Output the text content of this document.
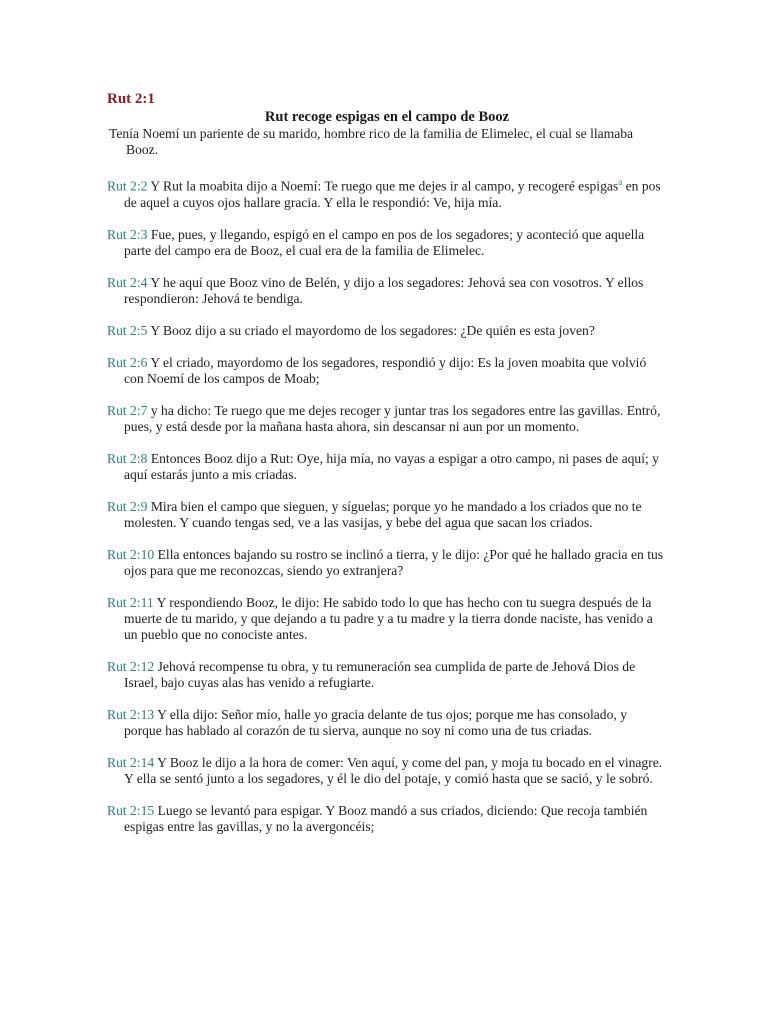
Rut 2:1

Rut recoge espigas en el campo de Booz

Tenía Noemí un pariente de su marido, hombre rico de la familia de Elimelec, el cual se llamaba Booz.

Rut 2:2 Y Rut la moabita dijo a Noemí: Te ruego que me dejes ir al campo, y recogeré espigas$^a$ en pos de aquel a cuyos ojos hallare gracia. Y ella le respondió: Ve, hija mía.

Rut 2:3 Fue, pues, y llegando, espigó en el campo en pos de los segadores; y aconteció que aquella parte del campo era de Booz, el cual era de la familia de Elimelec.

Rut 2:4 Y he aquí que Booz vino de Belén, y dijo a los segadores: Jehová sea con vosotros. Y ellos respondieron: Jehová te bendiga.

Rut 2:5 Y Booz dijo a su criado el mayordomo de los segadores: ¿De quién es esta joven?

Rut 2:6 Y el criado, mayordomo de los segadores, respondió y dijo: Es la joven moabita que volvió con Noemí de los campos de Moab;

Rut 2:7 y ha dicho: Te ruego que me dejes recoger y juntar tras los segadores entre las gavillas. Entró, pues, y está desde por la mañana hasta ahora, sin descansar ni aun por un momento.

Rut 2:8 Entonces Booz dijo a Rut: Oye, hija mía, no vayas a espigar a otro campo, ni pases de aquí; y aquí estarás junto a mis criadas.

Rut 2:9 Mira bien el campo que sieguen, y síguelas; porque yo he mandado a los criados que no te molesten. Y cuando tengas sed, ve a las vasijas, y bebe del agua que sacan los criados.

Rut 2:10 Ella entonces bajando su rostro se inclinó a tierra, y le dijo: ¿Por qué he hallado gracia en tus ojos para que me reconozcas, siendo yo extranjera?

Rut 2:11 Y respondiendo Booz, le dijo: He sabido todo lo que has hecho con tu suegra después de la muerte de tu marido, y que dejando a tu padre y a tu madre y la tierra donde naciste, has venido a un pueblo que no conociste antes.

Rut 2:12 Jehová recompense tu obra, y tu remuneración sea cumplida de parte de Jehová Dios de Israel, bajo cuyas alas has venido a refugiarte.

Rut 2:13 Y ella dijo: Señor mío, halle yo gracia delante de tus ojos; porque me has consolado, y porque has hablado al corazón de tu sierva, aunque no soy ni como una de tus criadas.

Rut 2:14 Y Booz le dijo a la hora de comer: Ven aquí, y come del pan, y moja tu bocado en el vinagre. Y ella se sentó junto a los segadores, y él le dio del potaje, y comió hasta que se sació, y le sobró.

Rut 2:15 Luego se levantó para espigar. Y Booz mandó a sus criados, diciendo: Que recoja también espigas entre las gavillas, y no la avergoncéis;
